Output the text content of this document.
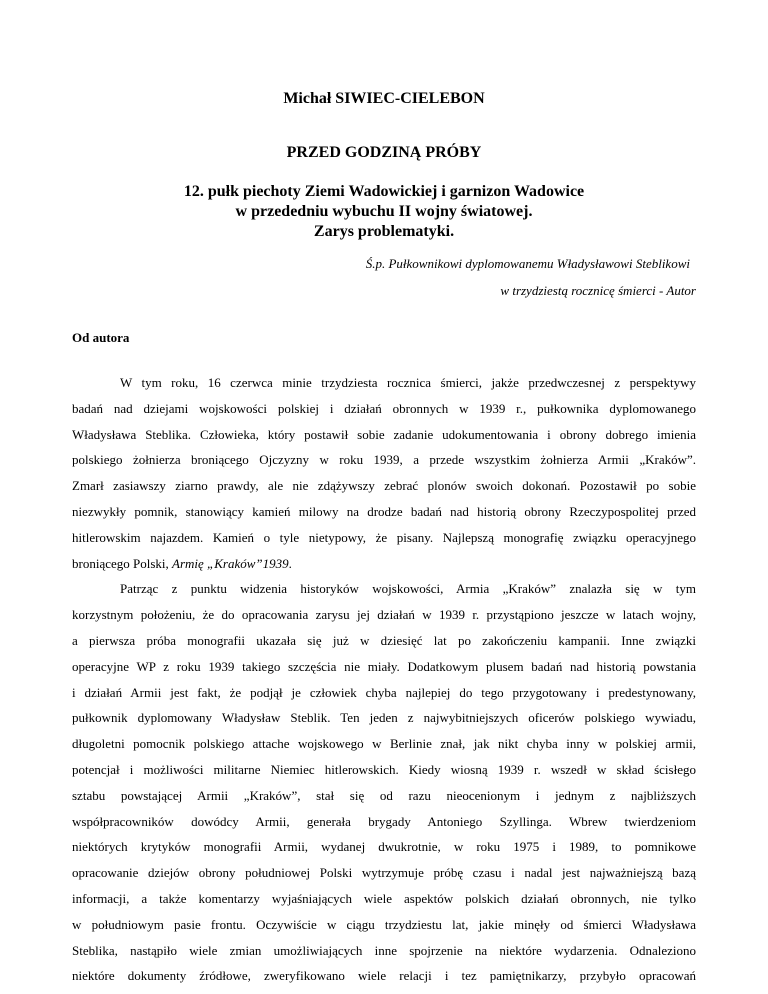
Michał SIWIEC-CIELEBON
PRZED GODZINĄ PRÓBY
12. pułk piechoty Ziemi Wadowickiej i garnizon Wadowice
w przededniu wybuchu II wojny światowej.
Zarys problematyki.
Ś.p. Pułkownikowi dyplomowanemu Władysławowi Steblikowi
w trzydziestą rocznicę śmierci - Autor
Od autora
W tym roku, 16 czerwca minie trzydziesta rocznica śmierci, jakże przedwczesnej z perspektywy
badań nad dziejami wojskowości polskiej i działań obronnych w 1939 r., pułkownika dyplomowanego
Władysława Steblika. Człowieka, który postawił sobie zadanie udokumentowania i obrony dobrego imienia
polskiego żołnierza broniącego Ojczyzny w roku 1939, a przede wszystkim żołnierza Armii „Kraków”.
Zmarł zasiawszy ziarno prawdy, ale nie zdążywszy zebrać plonów swoich dokonań. Pozostawił po sobie
niezwykły pomnik, stanowiący kamień milowy na drodze badań nad historią obrony Rzeczypospolitej przed
hitlerowskim najazdem. Kamień o tyle nietypowy, że pisany. Najlepszą monografię związku operacyjnego
broniącego Polski, Armię „Kraków”1939.
Patrząc z punktu widzenia historyków wojskowości, Armia „Kraków” znalazła się w tym
korzystnym położeniu, że do opracowania zarysu jej działań w 1939 r. przystąpiono jeszcze w latach wojny,
a pierwsza próba monografii ukazała się już w dziesięć lat po zakończeniu kampanii. Inne związki
operacyjne WP z roku 1939 takiego szczęścia nie miały. Dodatkowym plusem badań nad historią powstania
i działań Armii jest fakt, że podjął je człowiek chyba najlepiej do tego przygotowany i predestynowany,
pułkownik dyplomowany Władysław Steblik. Ten jeden z najwybitniejszych oficerów polskiego wywiadu,
długoletni pomocnik polskiego attache wojskowego w Berlinie znał, jak nikt chyba inny w polskiej armii,
potencjał i możliwości militarne Niemiec hitlerowskich. Kiedy wiosną 1939 r. wszedł w skład ścisłego
sztabu powstającej Armii „Kraków”, stał się od razu nieocenionym i jednym z najbliższych
współpracowników dowódcy Armii, generała brygady Antoniego Szyllinga. Wbrew twierdzeniom
niektórych krytyków monografii Armii, wydanej dwukrotnie, w roku 1975 i 1989, to pomnikowe
opracowanie dziejów obrony południowej Polski wytrzymuje próbę czasu i nadal jest najważniejszą bazą
informacji, a także komentarzy wyjaśniających wiele aspektów polskich działań obronnych, nie tylko
w południowym pasie frontu. Oczywiście w ciągu trzydziestu lat, jakie minęły od śmierci Władysława
Steblika, nastąpiło wiele zmian umożliwiających inne spojrzenie na niektóre wydarzenia. Odnaleziono
niektóre dokumenty źródłowe, zweryfikowano wiele relacji i tez pamiętnikarzy, przybyło opracowań
